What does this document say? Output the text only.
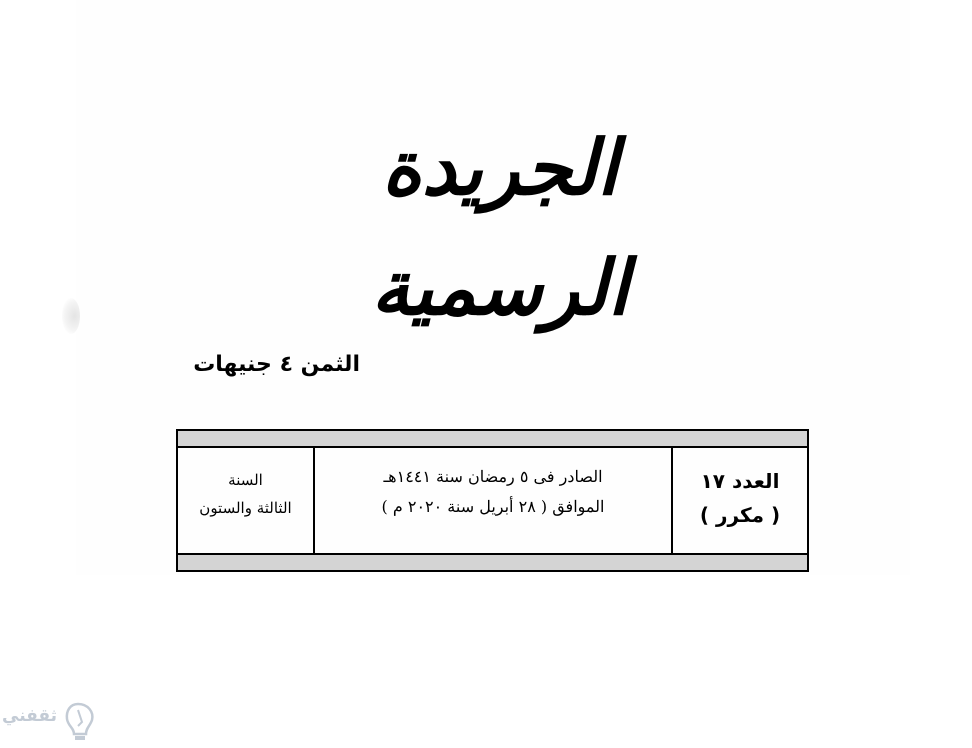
الجريدة الرسمية
الثمن ٤ جنيهات
السنة
الثالثة والستون
الصادر فى ٥ رمضان سنة ١٤٤١هـ
الموافق ( ٢٨ أبريل سنة ٢٠٢٠ م )
العدد ١٧
( مكرر )
ثقفني
